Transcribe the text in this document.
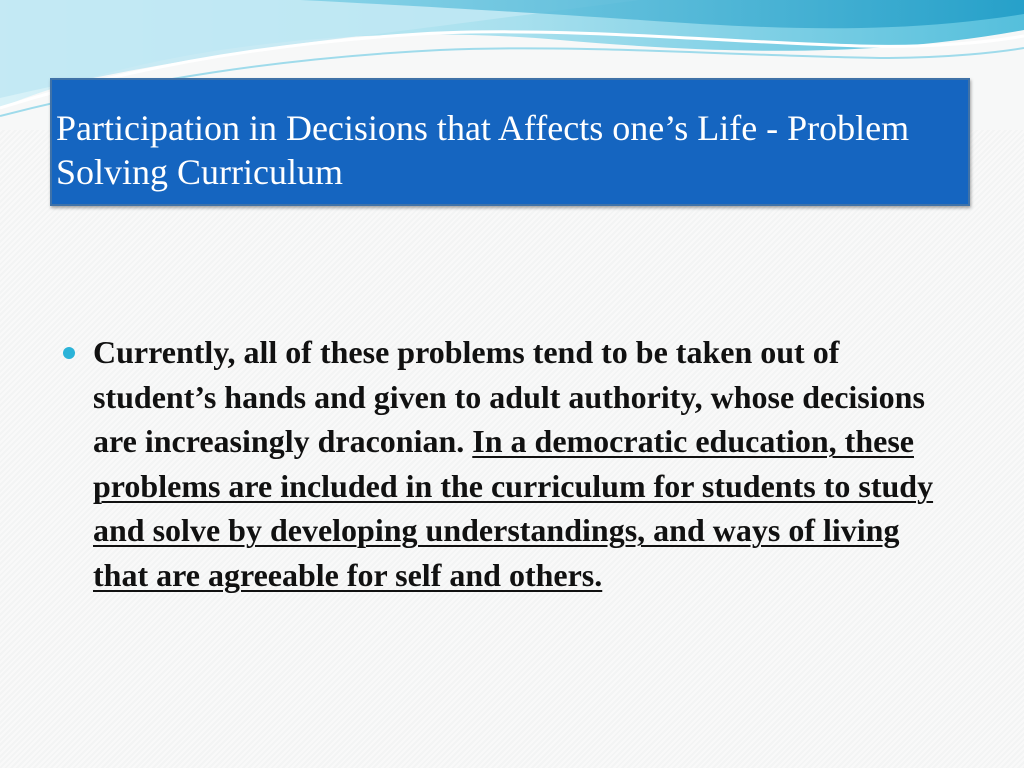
Participation in Decisions that Affects one’s Life - Problem Solving Curriculum

Currently, all of these problems tend to be taken out of student’s hands and given to adult authority, whose decisions are increasingly draconian. In a democratic education, these problems are included in the curriculum for students to study and solve by developing understandings, and ways of living that are agreeable for self and others.
